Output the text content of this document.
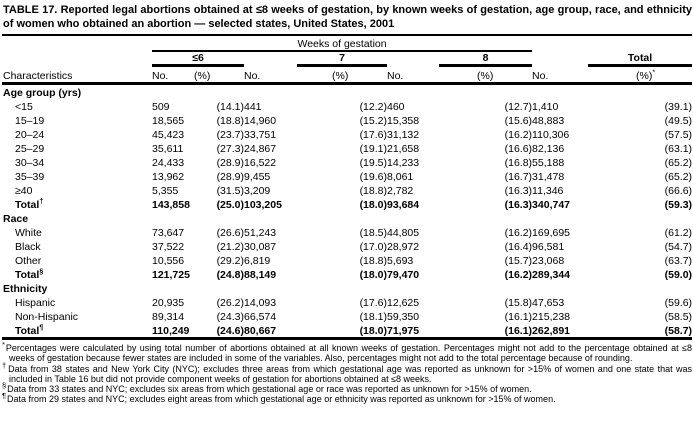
TABLE 17. Reported legal abortions obtained at ≤8 weeks of gestation, by known weeks of gestation, age group, race, and ethnicity of women who obtained an abortion — selected states, United States, 2001
	Weeks of gestation							

	≤6		7		8		Total	

Characteristics	No.	(%)	No.	(%)	No.	(%)	No.	(%)*
Age group (yrs)								
<15	509	(14.1)	441	(12.2)	460	(12.7)	1,410	(39.1)
15–19	18,565	(18.8)	14,960	(15.2)	15,358	(15.6)	48,883	(49.5)
20–24	45,423	(23.7)	33,751	(17.6)	31,132	(16.2)	110,306	(57.5)
25–29	35,611	(27.3)	24,867	(19.1)	21,658	(16.6)	82,136	(63.1)
30–34	24,433	(28.9)	16,522	(19.5)	14,233	(16.8)	55,188	(65.2)
35–39	13,962	(28.9)	9,455	(19.6)	8,061	(16.7)	31,478	(65.2)
≥40	5,355	(31.5)	3,209	(18.8)	2,782	(16.3)	11,346	(66.6)
Total†	143,858	(25.0)	103,205	(18.0)	93,684	(16.3)	340,747	(59.3)
Race								
White	73,647	(26.6)	51,243	(18.5)	44,805	(16.2)	169,695	(61.2)
Black	37,522	(21.2)	30,087	(17.0)	28,972	(16.4)	96,581	(54.7)
Other	10,556	(29.2)	6,819	(18.8)	5,693	(15.7)	23,068	(63.7)
Total§	121,725	(24.8)	88,149	(18.0)	79,470	(16.2)	289,344	(59.0)
Ethnicity								
Hispanic	20,935	(26.2)	14,093	(17.6)	12,625	(15.8)	47,653	(59.6)
Non-Hispanic	89,314	(24.3)	66,574	(18.1)	59,350	(16.1)	215,238	(58.5)
Total¶	110,249	(24.6)	80,667	(18.0)	71,975	(16.1)	262,891	(58.7)
*Percentages were calculated by using total number of abortions obtained at all known weeks of gestation. Percentages might not add to the percentage obtained at ≤8 weeks of gestation because fewer states are included in some of the variables. Also, percentages might not add to the total percentage because of rounding.
†Data from 38 states and New York City (NYC); excludes three areas from which gestational age was reported as unknown for >15% of women and one state that was included in Table 16 but did not provide component weeks of gestation for abortions obtained at ≤8 weeks.
§Data from 33 states and NYC; excludes six areas from which gestational age or race was reported as unknown for >15% of women.
¶Data from 29 states and NYC; excludes eight areas from which gestational age or ethnicity was reported as unknown for >15% of women.
